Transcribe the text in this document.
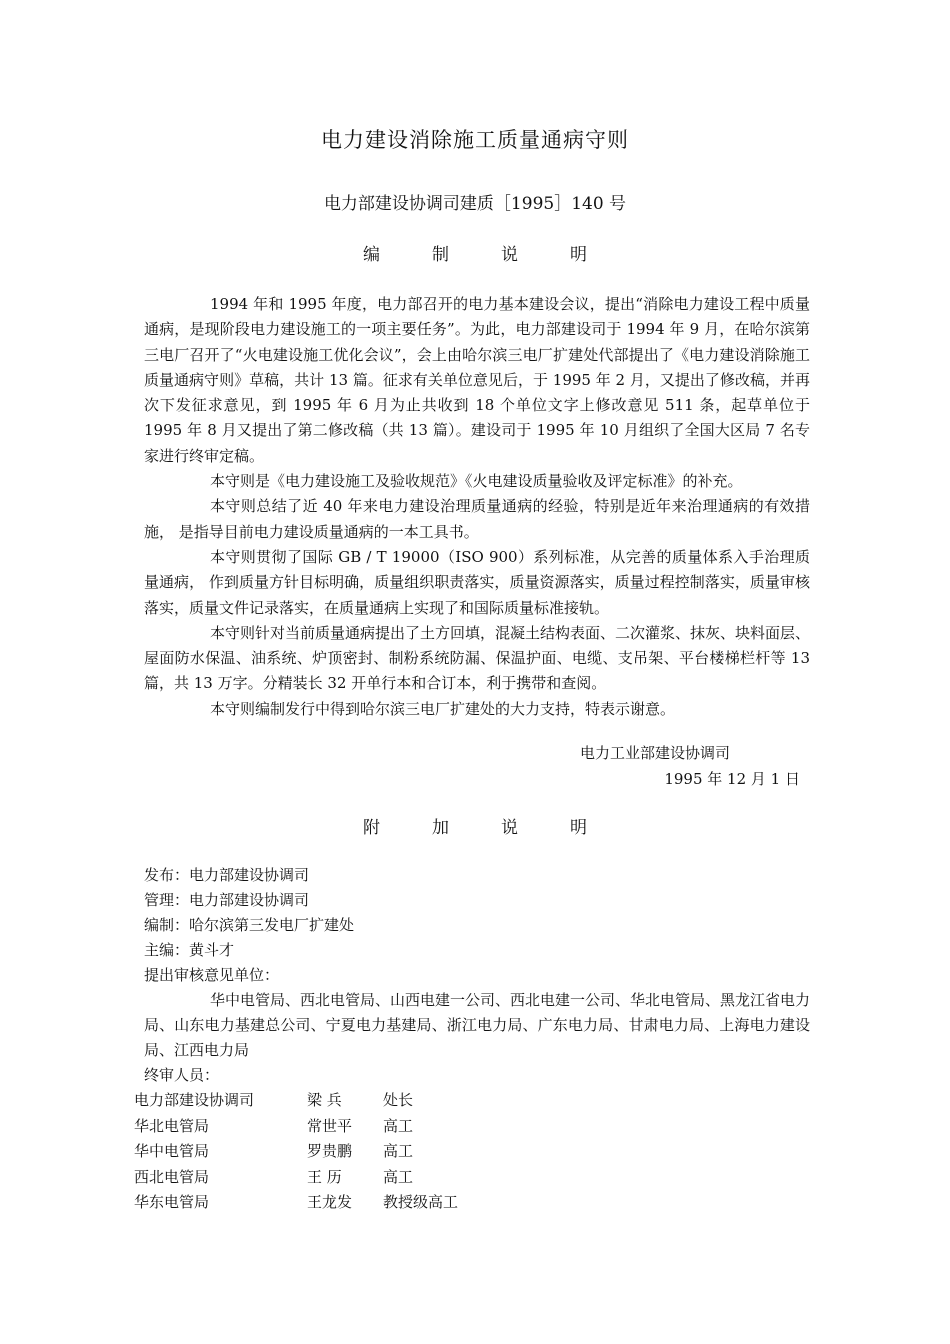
电力建设消除施工质量通病守则
电力部建设协调司建质［1995］140 号
编	制	说	明

1994 年和 1995 年度，电力部召开的电力基本建设会议，提出“消除电力建设工程中质量通病，是现阶段电力建设施工的一项主要任务”。为此，电力部建设司于 1994 年 9 月，在哈尔滨第三电厂召开了“火电建设施工优化会议”，会上由哈尔滨三电厂扩建处代部提出了《电力建设消除施工质量通病守则》草稿，共计 13 篇。征求有关单位意见后，于 1995 年 2 月，又提出了修改稿，并再次下发征求意见，到 1995 年 6 月为止共收到 18 个单位文字上修改意见 511 条，起草单位于 1995 年 8 月又提出了第二修改稿（共 13 篇）。建设司于 1995 年 10 月组织了全国大区局 7 名专家进行终审定稿。

本守则是《电力建设施工及验收规范》《火电建设质量验收及评定标准》的补充。

本守则总结了近 40 年来电力建设治理质量通病的经验，特别是近年来治理通病的有效措施， 是指导目前电力建设质量通病的一本工具书。

本守则贯彻了国际 GB / T 19000（ISO 900）系列标准，从完善的质量体系入手治理质量通病， 作到质量方针目标明确，质量组织职责落实，质量资源落实，质量过程控制落实，质量审核落实，质量文件记录落实，在质量通病上实现了和国际质量标准接轨。

本守则针对当前质量通病提出了土方回填，混凝土结构表面、二次灌浆、抹灰、块料面层、屋面防水保温、油系统、炉顶密封、制粉系统防漏、保温护面、电缆、支吊架、平台楼梯栏杆等 13 篇，共 13 万字。分精装长 32 开单行本和合订本，利于携带和查阅。

本守则编制发行中得到哈尔滨三电厂扩建处的大力支持，特表示谢意。

电力工业部建设协调司
1995 年 12 月 1 日
附	加	说	明
发布：电力部建设协调司
管理：电力部建设协调司
编制：哈尔滨第三发电厂扩建处
主编：黄斗才
提出审核意见单位：
华中电管局、西北电管局、山西电建一公司、西北电建一公司、华北电管局、黑龙江省电力局、山东电力基建总公司、宁夏电力基建局、浙江电力局、广东电力局、甘肃电力局、上海电力建设局、江西电力局
终审人员：
电力部建设协调司	梁 兵	处长
华北电管局	常世平	高工
华中电管局	罗贵鹏	高工
西北电管局	王 历	高工
华东电管局	王龙发	教授级高工
